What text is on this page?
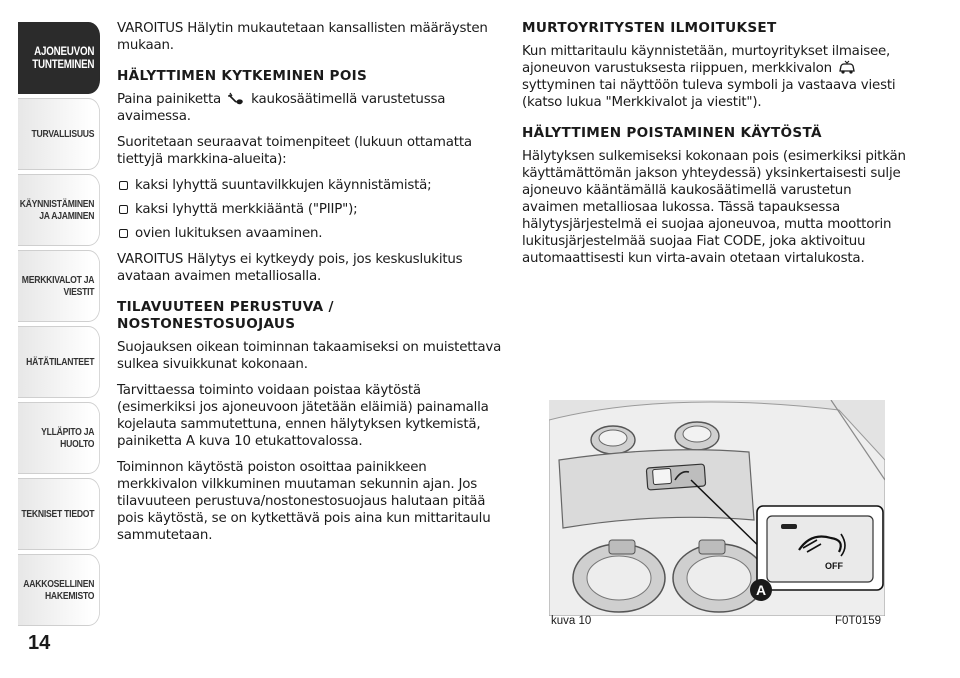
AJONEUVON TUNTEMINEN
TURVALLISUUS
KÄYNNISTÄMINEN JA AJAMINEN
MERKKIVALOT JA VIESTIT
HÄTÄTILANTEET
YLLÄPITO JA HUOLTO
TEKNISET TIEDOT
AAKKOSELLINEN HAKEMISTO
14

VAROITUS Hälytin mukautetaan kansallisten määräysten mukaan.

HÄLYTTIMEN KYTKEMINEN POIS

Paina painiketta kaukosäätimellä varustetussa avaimessa.

Suoritetaan seuraavat toimenpiteet (lukuun ottamatta tiettyjä markkina-alueita):

kaksi lyhyttä suuntavilkkujen käynnistämistä;
kaksi lyhyttä merkkiääntä ("PIIP");
ovien lukituksen avaaminen.

VAROITUS Hälytys ei kytkeydy pois, jos keskuslukitus avataan avaimen metalliosalla.

TILAVUUTEEN PERUSTUVA / NOSTONESTOSUOJAUS

Suojauksen oikean toiminnan takaamiseksi on muistettava sulkea sivuikkunat kokonaan.

Tarvittaessa toiminto voidaan poistaa käytöstä (esimerkiksi jos ajoneuvoon jätetään eläimiä) painamalla kojelauta sammutettuna, ennen hälytyksen kytkemistä, painiketta A kuva 10 etukattovalossa.

Toiminnon käytöstä poiston osoittaa painikkeen merkkivalon vilkkuminen muutaman sekunnin ajan. Jos tilavuuteen perustuva/nostonestosuojaus halutaan pitää pois käytöstä, se on kytkettävä pois aina kun mittaritaulu sammutetaan.

MURTOYRITYSTEN ILMOITUKSET

Kun mittaritaulu käynnistetään, murtoyritykset ilmaisee, ajoneuvon varustuksesta riippuen, merkkivalon  syttyminen tai näyttöön tuleva symboli ja vastaava viesti (katso lukua "Merkkivalot ja viestit").

HÄLYTTIMEN POISTAMINEN KÄYTÖSTÄ

Hälytyksen sulkemiseksi kokonaan pois (esimerkiksi pitkän käyttämättömän jakson yhteydessä) yksinkertaisesti sulje ajoneuvo kääntämällä kaukosäätimellä varustetun avaimen metalliosaa lukossa. Tässä tapauksessa hälytysjärjestelmä ei suojaa ajoneuvoa, mutta moottorin lukitusjärjestelmää suojaa Fiat CODE, joka aktivoituu automaattisesti kun virta-avain otetaan virtalukosta.

OFF
A
kuva 10	F0T0159
